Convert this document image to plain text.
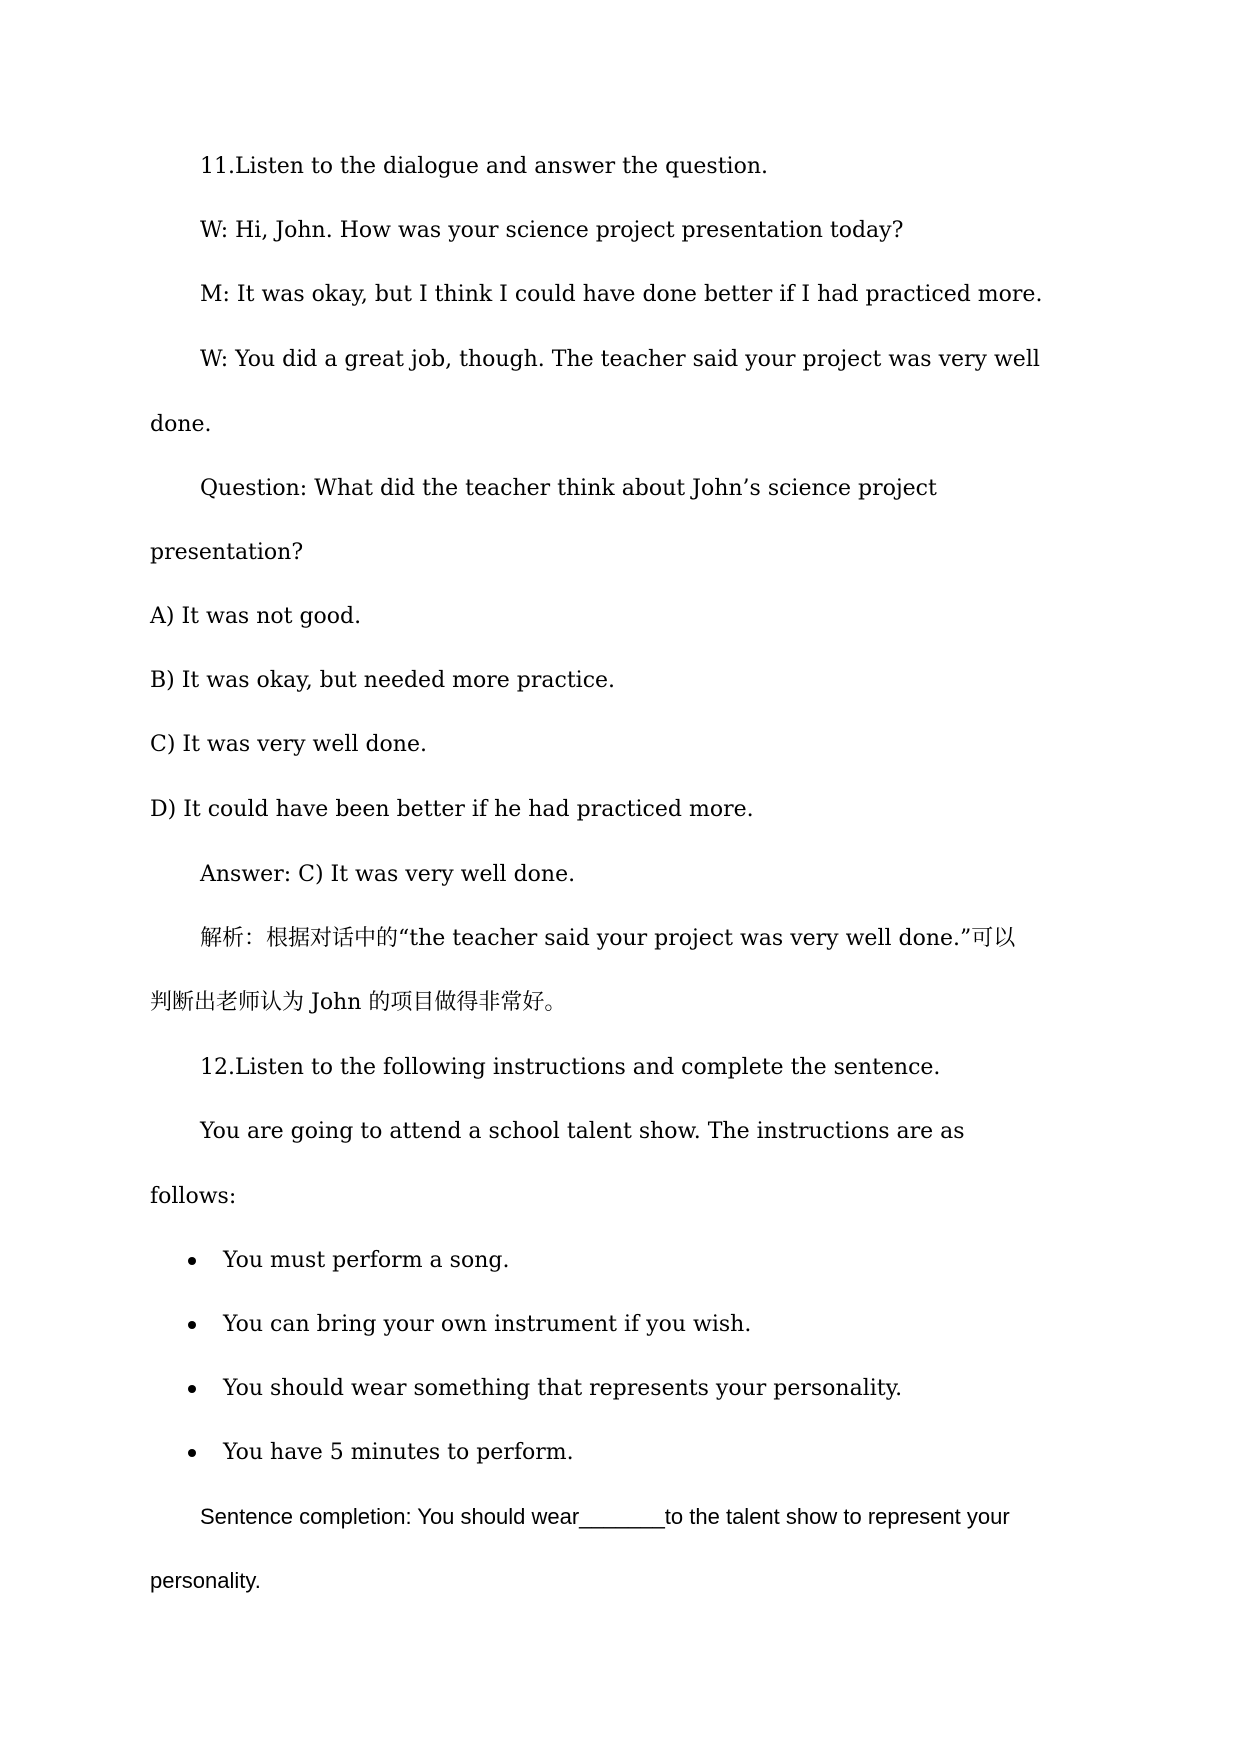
11.Listen to the dialogue and answer the question.
W: Hi, John. How was your science project presentation today?
M: It was okay, but I think I could have done better if I had practiced more.
W: You did a great job, though. The teacher said your project was very well
done.
Question: What did the teacher think about John’s science project
presentation?
A) It was not good.
B) It was okay, but needed more practice.
C) It was very well done.
D) It could have been better if he had practiced more.
Answer: C) It was very well done.
解析：根据对话中的“the teacher said your project was very well done.”可以
判断出老师认为 John 的项目做得非常好。
12.Listen to the following instructions and complete the sentence.
You are going to attend a school talent show. The instructions are as
follows:
You must perform a song.
You can bring your own instrument if you wish.
You should wear something that represents your personality.
You have 5 minutes to perform.
Sentence completion: You should wear_______to the talent show to represent your
personality.
